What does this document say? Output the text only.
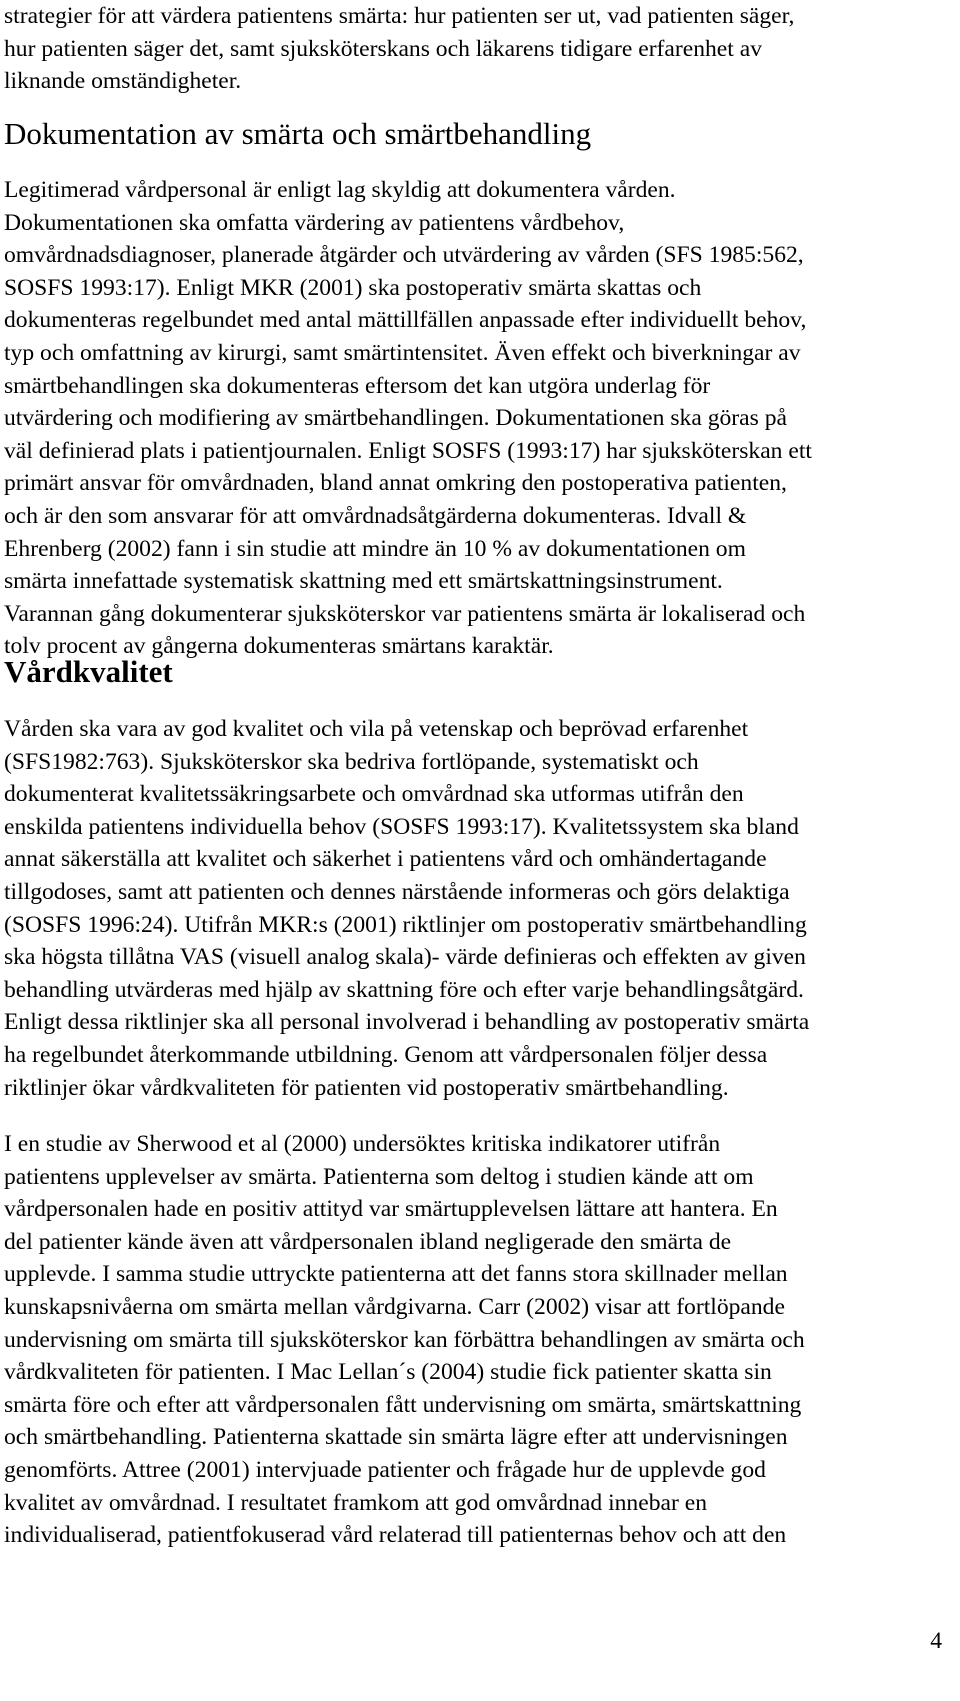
strategier för att värdera patientens smärta: hur patienten ser ut, vad patienten säger,
hur patienten säger det, samt sjuksköterskans och läkarens tidigare erfarenhet av
liknande omständigheter.

Dokumentation av smärta och smärtbehandling

Legitimerad vårdpersonal är enligt lag skyldig att dokumentera vården.
Dokumentationen ska omfatta värdering av patientens vårdbehov,
omvårdnadsdiagnoser, planerade åtgärder och utvärdering av vården (SFS 1985:562,
SOSFS 1993:17). Enligt MKR (2001) ska postoperativ smärta skattas och
dokumenteras regelbundet med antal mättillfällen anpassade efter individuellt behov,
typ och omfattning av kirurgi, samt smärtintensitet. Även effekt och biverkningar av
smärtbehandlingen ska dokumenteras eftersom det kan utgöra underlag för
utvärdering och modifiering av smärtbehandlingen. Dokumentationen ska göras på
väl definierad plats i patientjournalen. Enligt SOSFS (1993:17) har sjuksköterskan ett
primärt ansvar för omvårdnaden, bland annat omkring den postoperativa patienten,
och är den som ansvarar för att omvårdnadsåtgärderna dokumenteras. Idvall &
Ehrenberg (2002) fann i sin studie att mindre än 10 % av dokumentationen om
smärta innefattade systematisk skattning med ett smärtskattningsinstrument.
Varannan gång dokumenterar sjuksköterskor var patientens smärta är lokaliserad och
tolv procent av gångerna dokumenteras smärtans karaktär.

Vårdkvalitet

Vården ska vara av god kvalitet och vila på vetenskap och beprövad erfarenhet
(SFS1982:763). Sjuksköterskor ska bedriva fortlöpande, systematiskt och
dokumenterat kvalitetssäkringsarbete och omvårdnad ska utformas utifrån den
enskilda patientens individuella behov (SOSFS 1993:17). Kvalitetssystem ska bland
annat säkerställa att kvalitet och säkerhet i patientens vård och omhändertagande
tillgodoses, samt att patienten och dennes närstående informeras och görs delaktiga
(SOSFS 1996:24). Utifrån MKR:s (2001) riktlinjer om postoperativ smärtbehandling
ska högsta tillåtna VAS (visuell analog skala)- värde definieras och effekten av given
behandling utvärderas med hjälp av skattning före och efter varje behandlingsåtgärd.
Enligt dessa riktlinjer ska all personal involverad i behandling av postoperativ smärta
ha regelbundet återkommande utbildning. Genom att vårdpersonalen följer dessa
riktlinjer ökar vårdkvaliteten för patienten vid postoperativ smärtbehandling.

I en studie av Sherwood et al (2000) undersöktes kritiska indikatorer utifrån
patientens upplevelser av smärta. Patienterna som deltog i studien kände att om
vårdpersonalen hade en positiv attityd var smärtupplevelsen lättare att hantera. En
del patienter kände även att vårdpersonalen ibland negligerade den smärta de
upplevde. I samma studie uttryckte patienterna att det fanns stora skillnader mellan
kunskapsnivåerna om smärta mellan vårdgivarna. Carr (2002) visar att fortlöpande
undervisning om smärta till sjuksköterskor kan förbättra behandlingen av smärta och
vårdkvaliteten för patienten. I Mac Lellan´s (2004) studie fick patienter skatta sin
smärta före och efter att vårdpersonalen fått undervisning om smärta, smärtskattning
och smärtbehandling. Patienterna skattade sin smärta lägre efter att undervisningen
genomförts. Attree (2001) intervjuade patienter och frågade hur de upplevde god
kvalitet av omvårdnad. I resultatet framkom att god omvårdnad innebar en
individualiserad, patientfokuserad vård relaterad till patienternas behov och att den

4
